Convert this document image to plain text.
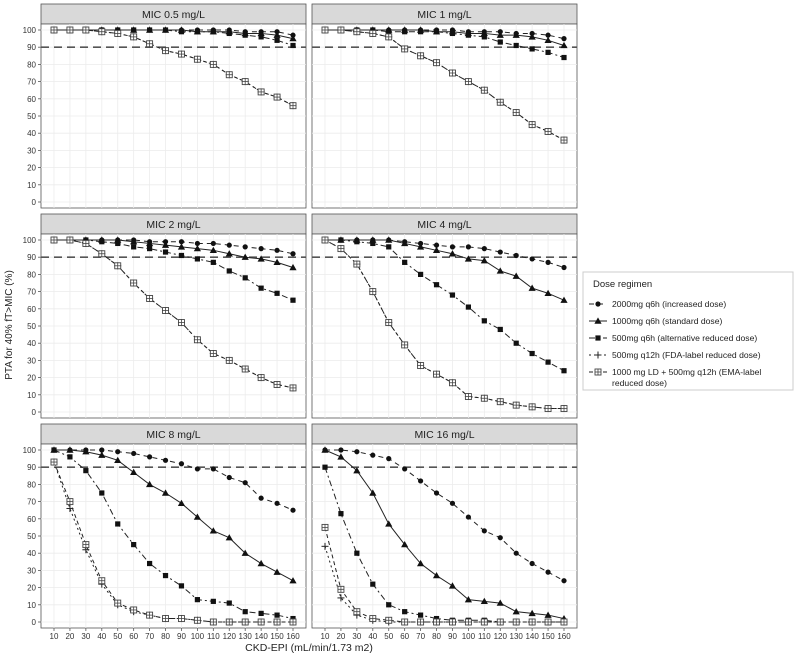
PTA for 40% fT>MIC (%)
CKD-EPI (mL/min/1.73 m2)
MIC 0.5 mg/L
0
10
20
30
40
50
60
70
80
90
100
MIC 1 mg/L
MIC 2 mg/L
0
10
20
30
40
50
60
70
80
90
100
MIC 4 mg/L
MIC 8 mg/L
0
10
20
30
40
50
60
70
80
90
100
10 20 30 40 50 60 70 80 90 100 110 120 130 140 150 160
MIC 16 mg/L
10 20 30 40 50 60 70 80 90 100 110 120 130 140 150 160
Dose regimen
2000mg q6h (increased dose)
1000mg q6h (standard dose)
500mg q6h (alternative reduced dose)
500mg q12h (FDA-label reduced dose)
1000 mg LD + 500mg q12h (EMA-label
reduced dose)
